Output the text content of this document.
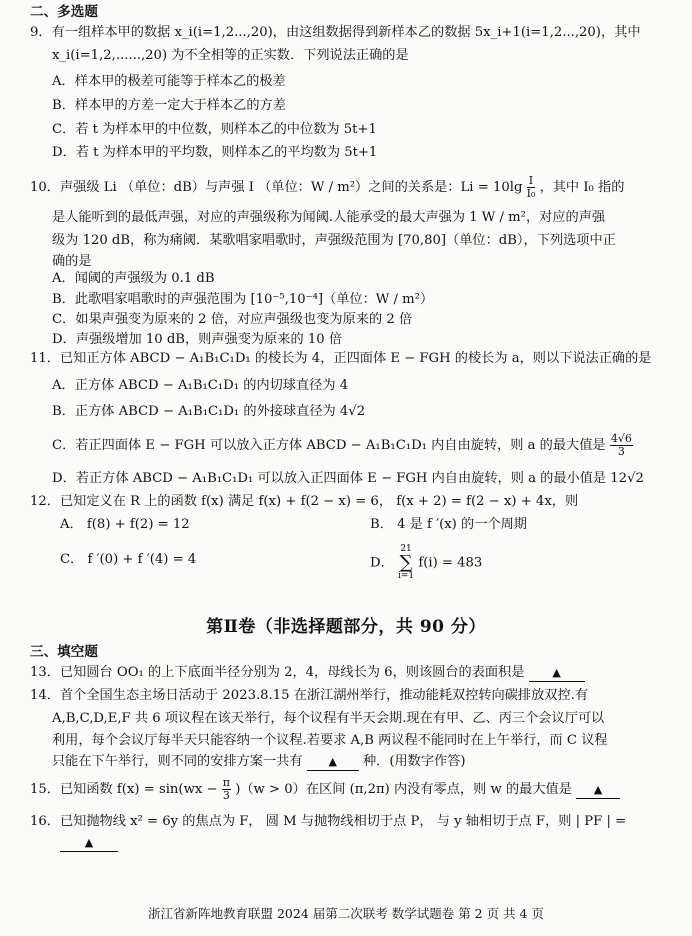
二、多选题
9．有一组样本甲的数据 x_i(i=1,2...,20)，由这组数据得到新样本乙的数据 5x_i+1(i=1,2...,20)，其中
x_i(i=1,2,......,20) 为不全相等的正实数．下列说法正确的是
A．样本甲的极差可能等于样本乙的极差
B．样本甲的方差一定大于样本乙的方差
C．若 t 为样本甲的中位数，则样本乙的中位数为 5t+1
D．若 t 为样本甲的平均数，则样本乙的平均数为 5t+1
10．声强级 Li （单位：dB）与声强 I （单位：W / m²）之间的关系是：$Li = 10\lg \frac{I}{\text{I₀}}$ ，其中 I₀ 指的
是人能听到的最低声强，对应的声强级称为闻阈.人能承受的最大声强为 1 W / m²，对应的声强
级为 120 dB，称为痛阈．某歌唱家唱歌时，声强级范围为 [70,80]（单位：dB），下列选项中正
确的是
A．闻阈的声强级为 0.1 dB
B．此歌唱家唱歌时的声强范围为 [10⁻⁵,10⁻⁴]（单位：W / m²）
C．如果声强变为原来的 2 倍，对应声强级也变为原来的 2 倍
D．声强级增加 10 dB，则声强变为原来的 10 倍
11．已知正方体 ABCD − A₁B₁C₁D₁ 的棱长为 4，正四面体 E − FGH 的棱长为 a，则以下说法正确的是
A．正方体 ABCD − A₁B₁C₁D₁ 的内切球直径为 4
B．正方体 ABCD − A₁B₁C₁D₁ 的外接球直径为 4√2
C．若正四面体 E − FGH 可以放入正方体 ABCD − A₁B₁C₁D₁ 内自由旋转，则 a 的最大值是 $\frac{4√6}{3}$
D．若正方体 ABCD − A₁B₁C₁D₁ 可以放入正四面体 E − FGH 内自由旋转，则 a 的最小值是 12√2
12．已知定义在 R 上的函数 f(x) 满足 f(x) + f(2 − x) = 6， f(x + 2) = f(2 − x) + 4x，则
A． f(8) + f(2) = 12	B． 4 是 f ′(x) 的一个周期
C． f ′(0) + f ′(4) = 4	D．
21
∑
i=1
f(i) = 483
第Ⅱ卷（非选择题部分，共 90 分）
三、填空题
13．已知圆台 OO₁ 的上下底面半径分别为 2，4，母线长为 6，则该圆台的表面积是	▲
14．首个全国生态主场日活动于 2023.8.15 在浙江湖州举行，推动能耗双控转向碳排放双控.有
A,B,C,D,E,F 共 6 项议程在该天举行，每个议程有半天会期.现在有甲、乙、丙三个会议厅可以
利用，每个会议厅每半天只能容纳一个议程.若要求 A,B 两议程不能同时在上午举行，而 C 议程
只能在下午举行，则不同的安排方案一共有 ▲ 种．(用数字作答)
15．已知函数 $f(x) = \sin(wx - \frac{\pi}{3} )(w > 0)$在区间 (π,2π) 内没有零点，则 w 的最大值是 ▲
16．已知抛物线 x² = 6y 的焦点为 F， 圆 M 与抛物线相切于点 P， 与 y 轴相切于点 F，则 | PF | =
▲
浙江省新阵地教育联盟 2024 届第二次联考 数学试题卷 第 2 页 共 4 页
